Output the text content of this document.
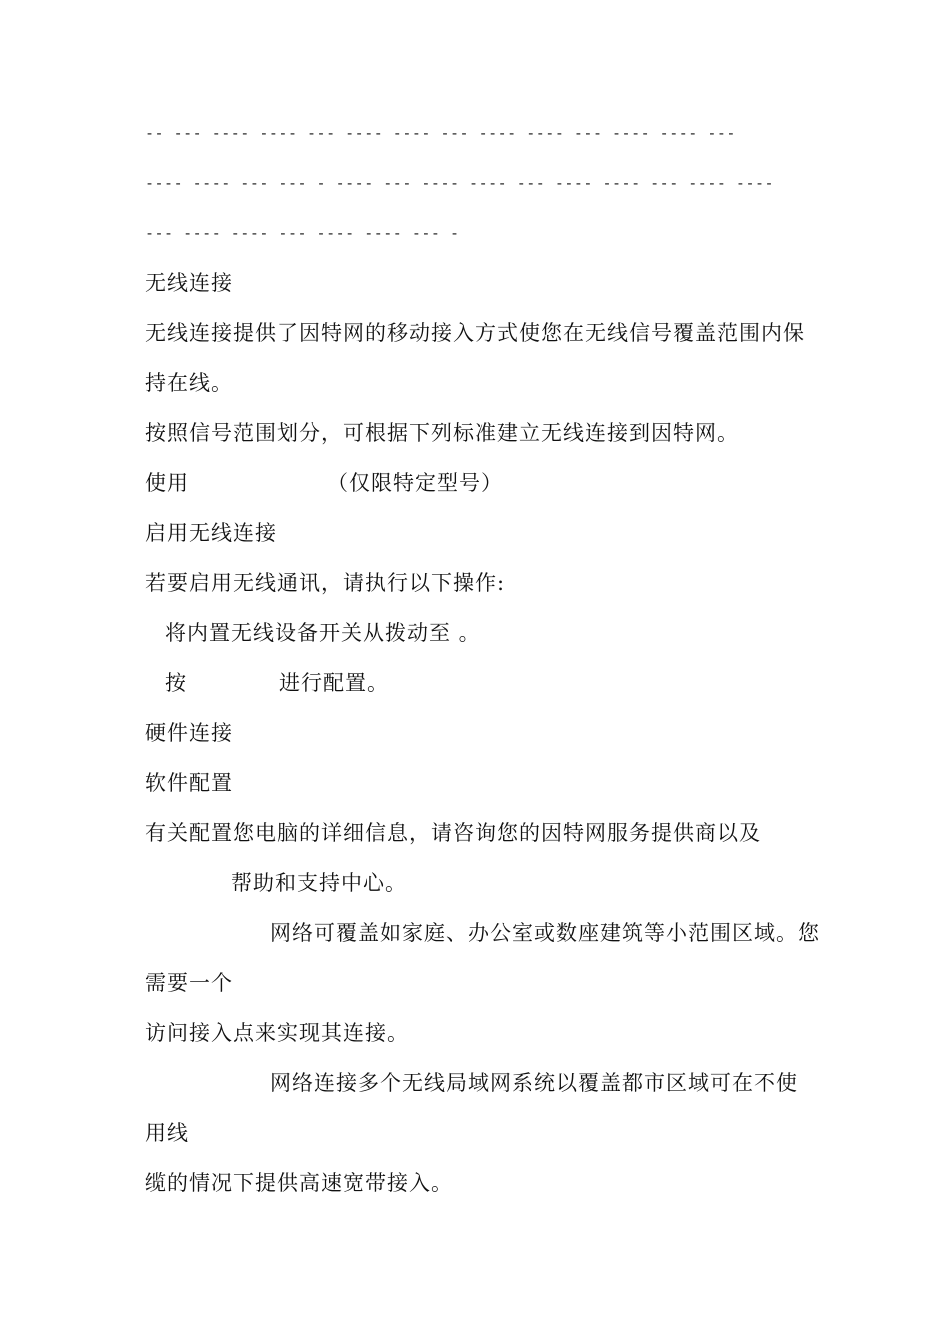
-- --- ---- ---- --- ---- ---- --- ---- ---- --- ---- ---- ---
---- ---- --- --- - ---- --- ---- ---- --- ---- ---- --- ---- ----
--- ---- ---- --- ---- ---- --- -
无线连接
无线连接提供了因特网的移动接入方式使您在无线信号覆盖范围内保
持在线。
按照信号范围划分，可根据下列标准建立无线连接到因特网。
使用	（仅限特定型号）
启用无线连接
若要启用无线通讯，请执行以下操作:
将内置无线设备开关从拨动至 。
按	进行配置。
硬件连接
软件配置
有关配置您电脑的详细信息，请咨询您的因特网服务提供商以及
帮助和支持中心。
网络可覆盖如家庭、办公室或数座建筑等小范围区域。您
需要一个
访问接入点来实现其连接。
网络连接多个无线局域网系统以覆盖都市区域可在不使
用线
缆的情况下提供高速宽带接入。
